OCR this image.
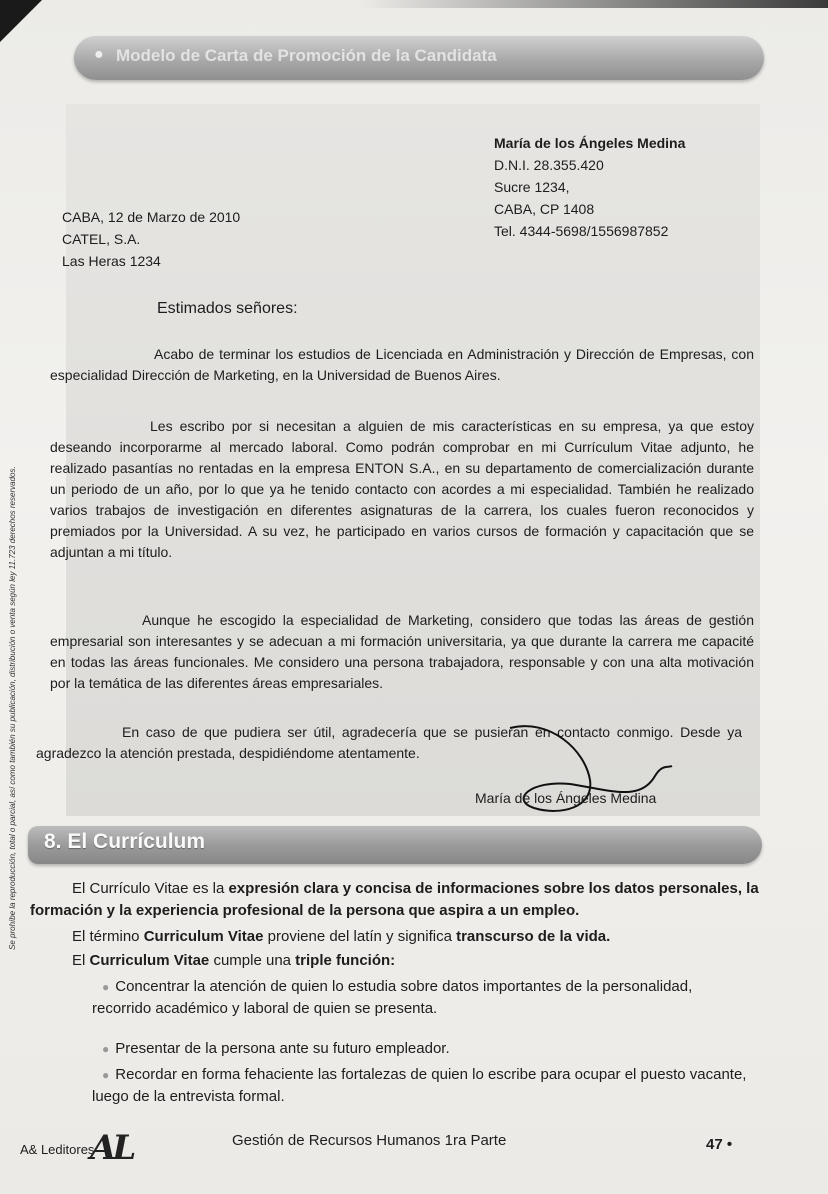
● Modelo de Carta de Promoción de la Candidata
Se prohíbe la reproducción, total o parcial, así como también su publicación, distribución o venta según ley 11.723 derechos reservados.
María de los Ángeles Medina
D.N.I. 28.355.420
Sucre 1234,
CABA, CP 1408
Tel. 4344-5698/1556987852
CABA, 12 de Marzo de 2010
CATEL, S.A.
Las Heras 1234
Estimados señores:
Acabo de terminar los estudios de Licenciada en Administración y Dirección de Empresas, con especialidad Dirección de Marketing, en la Universidad de Buenos Aires.
Les escribo por si necesitan a alguien de mis características en su empresa, ya que estoy deseando incorporarme al mercado laboral. Como podrán comprobar en mi Currículum Vitae adjunto, he realizado pasantías no rentadas en la empresa ENTON S.A., en su departamento de comercialización durante un periodo de un año, por lo que ya he tenido contacto con acordes a mi especialidad. También he realizado varios trabajos de investigación en diferentes asignaturas de la carrera, los cuales fueron reconocidos y premiados por la Universidad. A su vez, he participado en varios cursos de formación y capacitación que se adjuntan a mi título.
Aunque he escogido la especialidad de Marketing, considero que todas las áreas de gestión empresarial son interesantes y se adecuan a mi formación universitaria, ya que durante la carrera me capacité en todas las áreas funcionales. Me considero una persona trabajadora, responsable y con una alta motivación por la temática de las diferentes áreas empresariales.
En caso de que pudiera ser útil, agradecería que se pusieran en contacto conmigo. Desde ya agradezco la atención prestada, despidiéndome atentamente.
María de los Ángeles Medina
8. El Currículum
El Currículo Vitae es la expresión clara y concisa de informaciones sobre los datos personales, la formación y la experiencia profesional de la persona que aspira a un empleo.
El término Curriculum Vitae proviene del latín y significa transcurso de la vida.
El Curriculum Vitae cumple una triple función:
● Concentrar la atención de quien lo estudia sobre datos importantes de la personalidad, recorrido académico y laboral de quien se presenta.
● Presentar de la persona ante su futuro empleador.
● Recordar en forma fehaciente las fortalezas de quien lo escribe para ocupar el puesto vacante, luego de la entrevista formal.
A& Leditores
AL	Gestión de Recursos Humanos 1ra Parte	47 •
